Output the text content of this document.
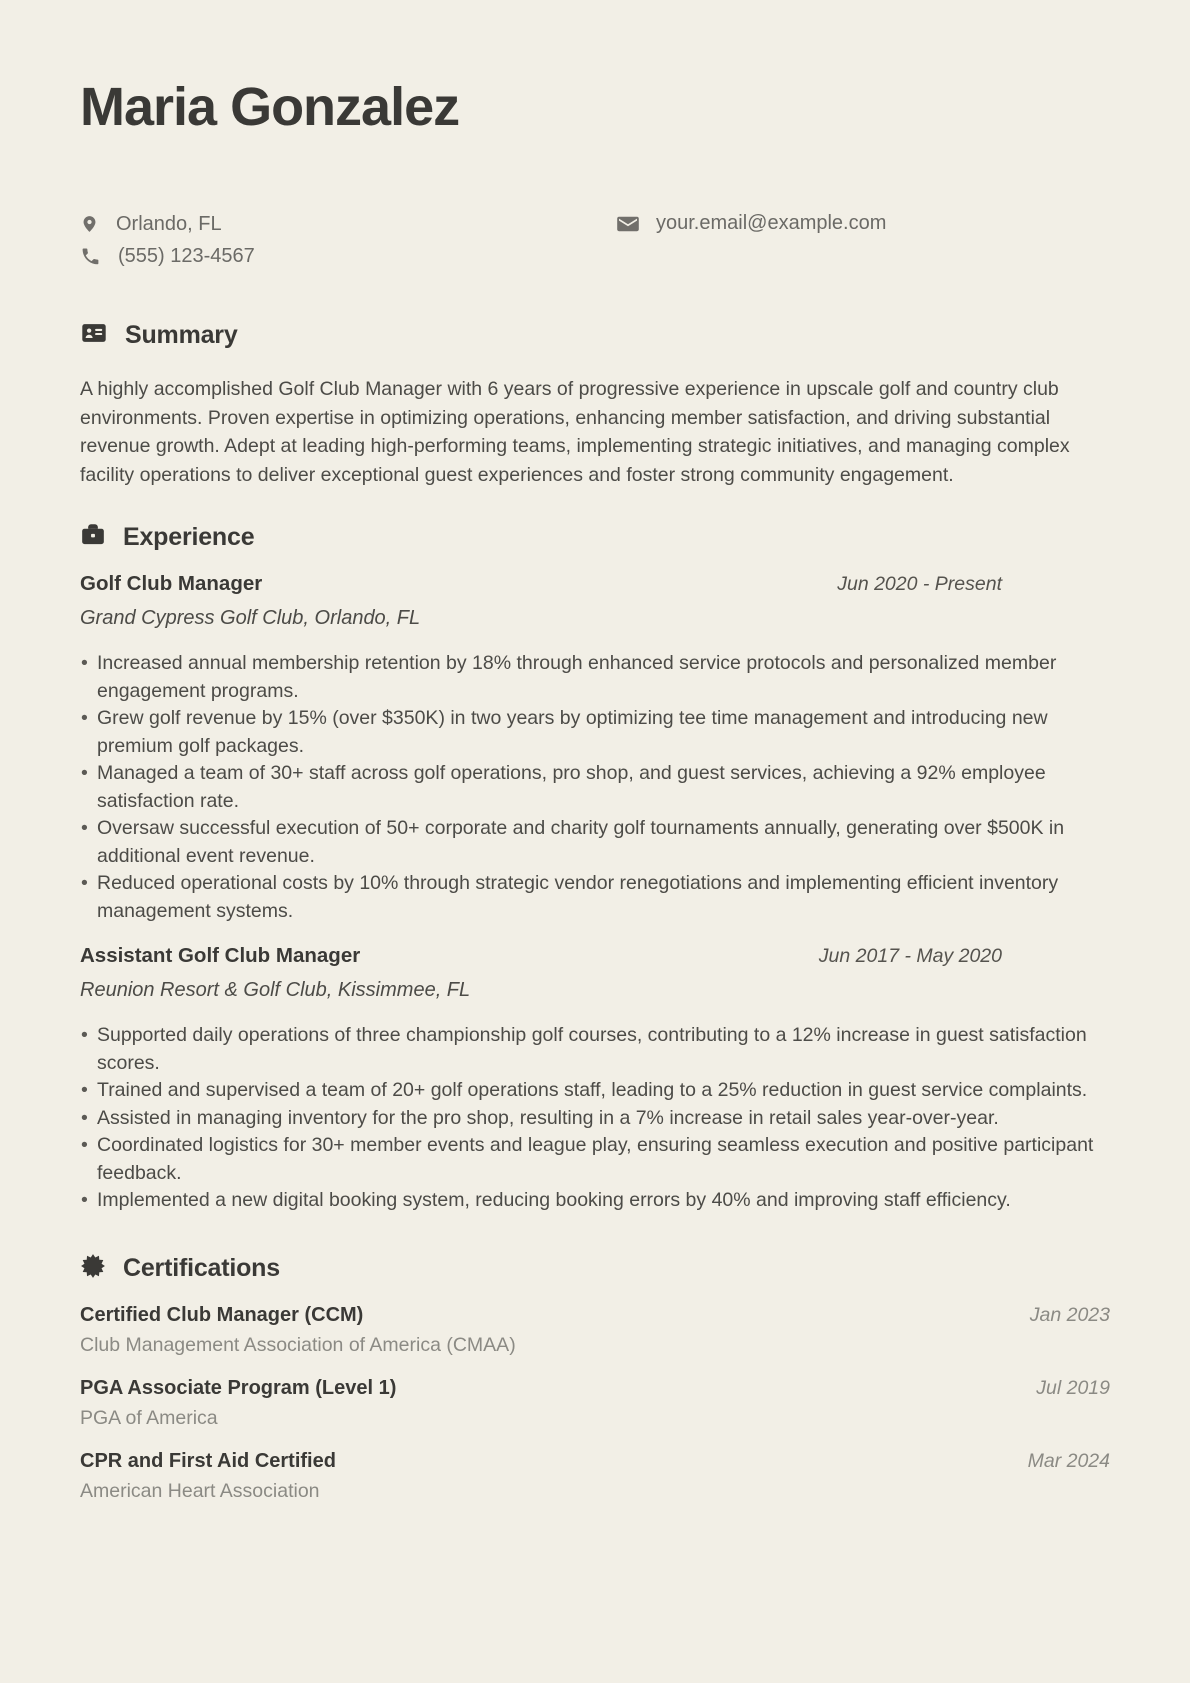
Maria Gonzalez
Orlando, FL
(555) 123-4567
your.email@example.com
Summary

A highly accomplished Golf Club Manager with 6 years of progressive experience in upscale golf and country club environments. Proven expertise in optimizing operations, enhancing member satisfaction, and driving substantial revenue growth. Adept at leading high-performing teams, implementing strategic initiatives, and managing complex facility operations to deliver exceptional guest experiences and foster strong community engagement.

Experience
Golf Club Manager	Jun 2020 - Present
Grand Cypress Golf Club, Orlando, FL
• Increased annual membership retention by 18% through enhanced service protocols and personalized member engagement programs.
• Grew golf revenue by 15% (over $350K) in two years by optimizing tee time management and introducing new premium golf packages.
• Managed a team of 30+ staff across golf operations, pro shop, and guest services, achieving a 92% employee satisfaction rate.
• Oversaw successful execution of 50+ corporate and charity golf tournaments annually, generating over $500K in additional event revenue.
• Reduced operational costs by 10% through strategic vendor renegotiations and implementing efficient inventory management systems.
Assistant Golf Club Manager	Jun 2017 - May 2020
Reunion Resort & Golf Club, Kissimmee, FL
• Supported daily operations of three championship golf courses, contributing to a 12% increase in guest satisfaction scores.
• Trained and supervised a team of 20+ golf operations staff, leading to a 25% reduction in guest service complaints.
• Assisted in managing inventory for the pro shop, resulting in a 7% increase in retail sales year-over-year.
• Coordinated logistics for 30+ member events and league play, ensuring seamless execution and positive participant feedback.
• Implemented a new digital booking system, reducing booking errors by 40% and improving staff efficiency.
Certifications
Certified Club Manager (CCM)	Jan 2023
Club Management Association of America (CMAA)
PGA Associate Program (Level 1)	Jul 2019
PGA of America
CPR and First Aid Certified	Mar 2024
American Heart Association
